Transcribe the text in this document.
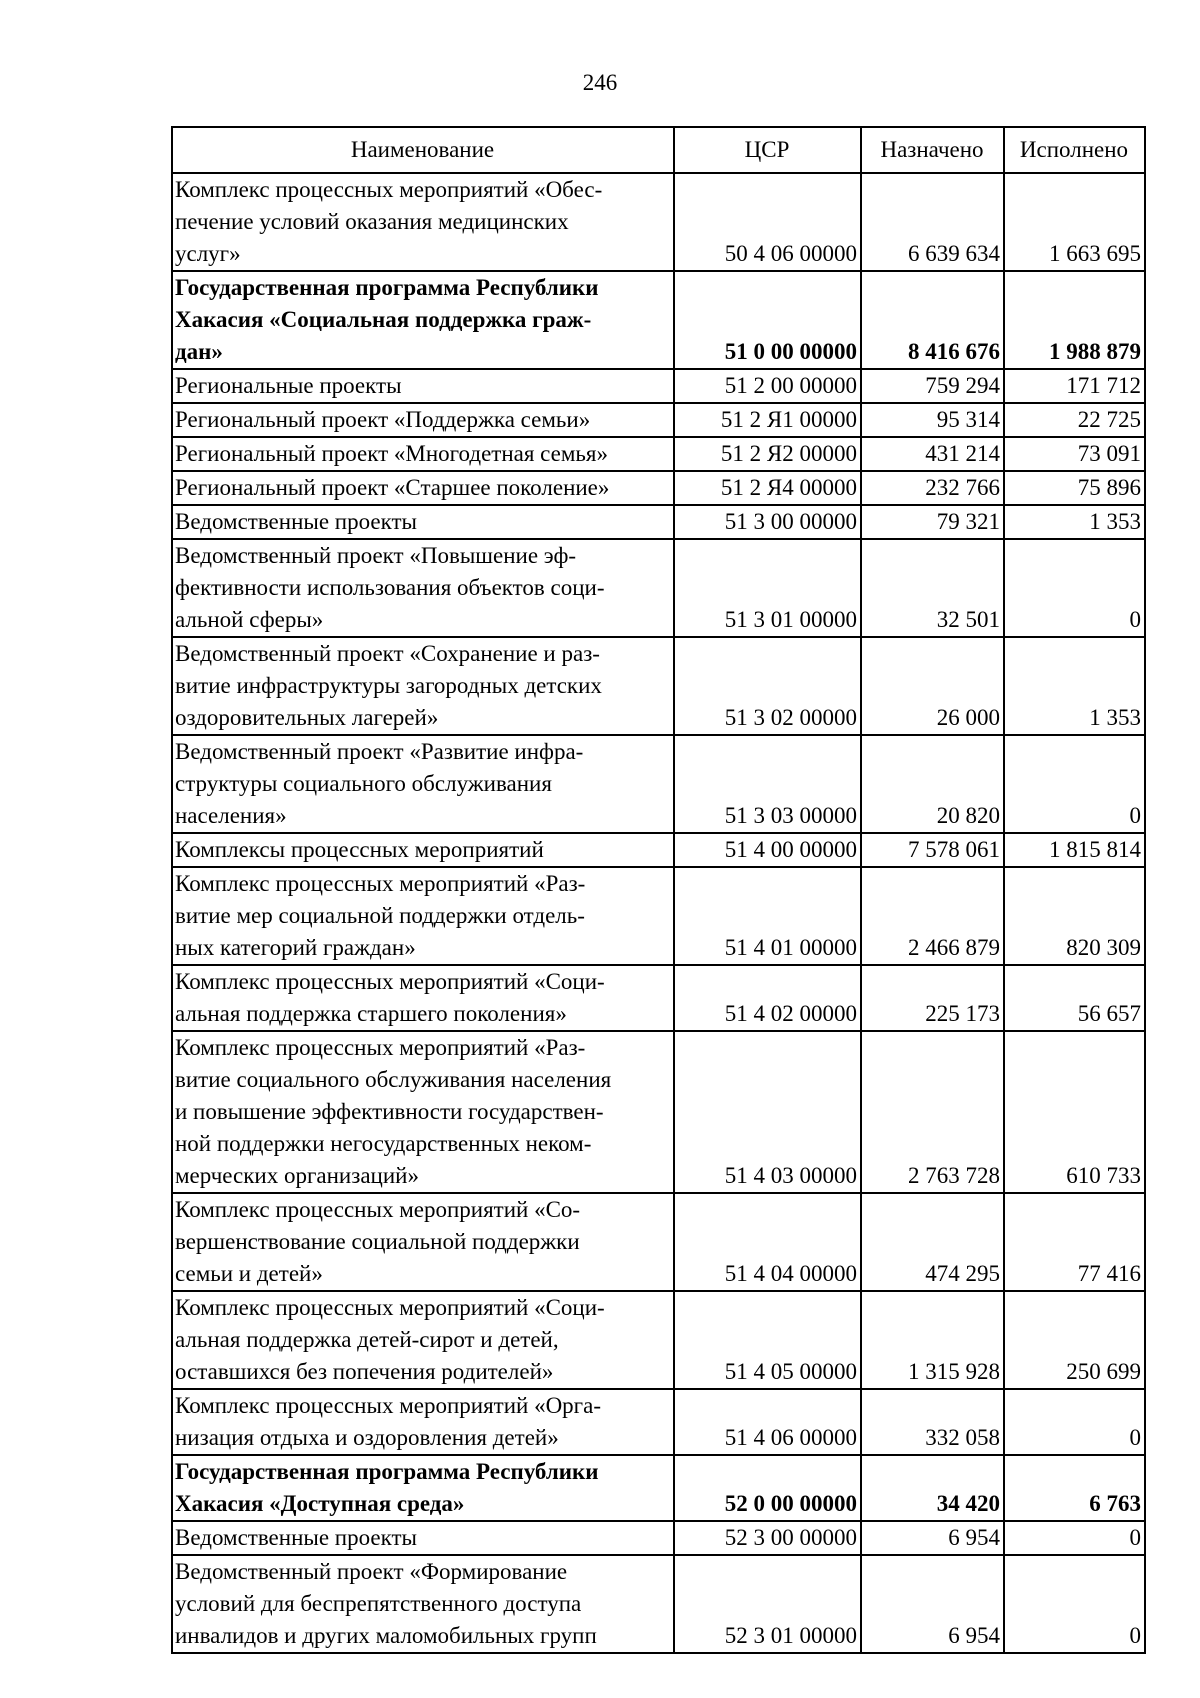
246
Наименование	ЦСР	Назначено	Исполнено
Комплекс процессных мероприятий «Обес-
печение условий оказания медицинских
услуг»	50 4 06 00000	6 639 634	1 663 695
Государственная программа Республики
Хакасия «Социальная поддержка граж-
дан»	51 0 00 00000	8 416 676	1 988 879
Региональные проекты	51 2 00 00000	759 294	171 712
Региональный проект «Поддержка семьи»	51 2 Я1 00000	95 314	22 725
Региональный проект «Многодетная семья»	51 2 Я2 00000	431 214	73 091
Региональный проект «Старшее поколение»	51 2 Я4 00000	232 766	75 896
Ведомственные проекты	51 3 00 00000	79 321	1 353
Ведомственный проект «Повышение эф-
фективности использования объектов соци-
альной сферы»	51 3 01 00000	32 501	0
Ведомственный проект «Сохранение и раз-
витие инфраструктуры загородных детских
оздоровительных лагерей»	51 3 02 00000	26 000	1 353
Ведомственный проект «Развитие инфра-
структуры социального обслуживания
населения»	51 3 03 00000	20 820	0
Комплексы процессных мероприятий	51 4 00 00000	7 578 061	1 815 814
Комплекс процессных мероприятий «Раз-
витие мер социальной поддержки отдель-
ных категорий граждан»	51 4 01 00000	2 466 879	820 309
Комплекс процессных мероприятий «Соци-
альная поддержка старшего поколения»	51 4 02 00000	225 173	56 657
Комплекс процессных мероприятий «Раз-
витие социального обслуживания населения
и повышение эффективности государствен-
ной поддержки негосударственных неком-
мерческих организаций»	51 4 03 00000	2 763 728	610 733
Комплекс процессных мероприятий «Со-
вершенствование социальной поддержки
семьи и детей»	51 4 04 00000	474 295	77 416
Комплекс процессных мероприятий «Соци-
альная поддержка детей-сирот и детей,
оставшихся без попечения родителей»	51 4 05 00000	1 315 928	250 699
Комплекс процессных мероприятий «Орга-
низация отдыха и оздоровления детей»	51 4 06 00000	332 058	0
Государственная программа Республики
Хакасия «Доступная среда»	52 0 00 00000	34 420	6 763
Ведомственные проекты	52 3 00 00000	6 954	0
Ведомственный проект «Формирование
условий для беспрепятственного доступа
инвалидов и других маломобильных групп	52 3 01 00000	6 954	0
